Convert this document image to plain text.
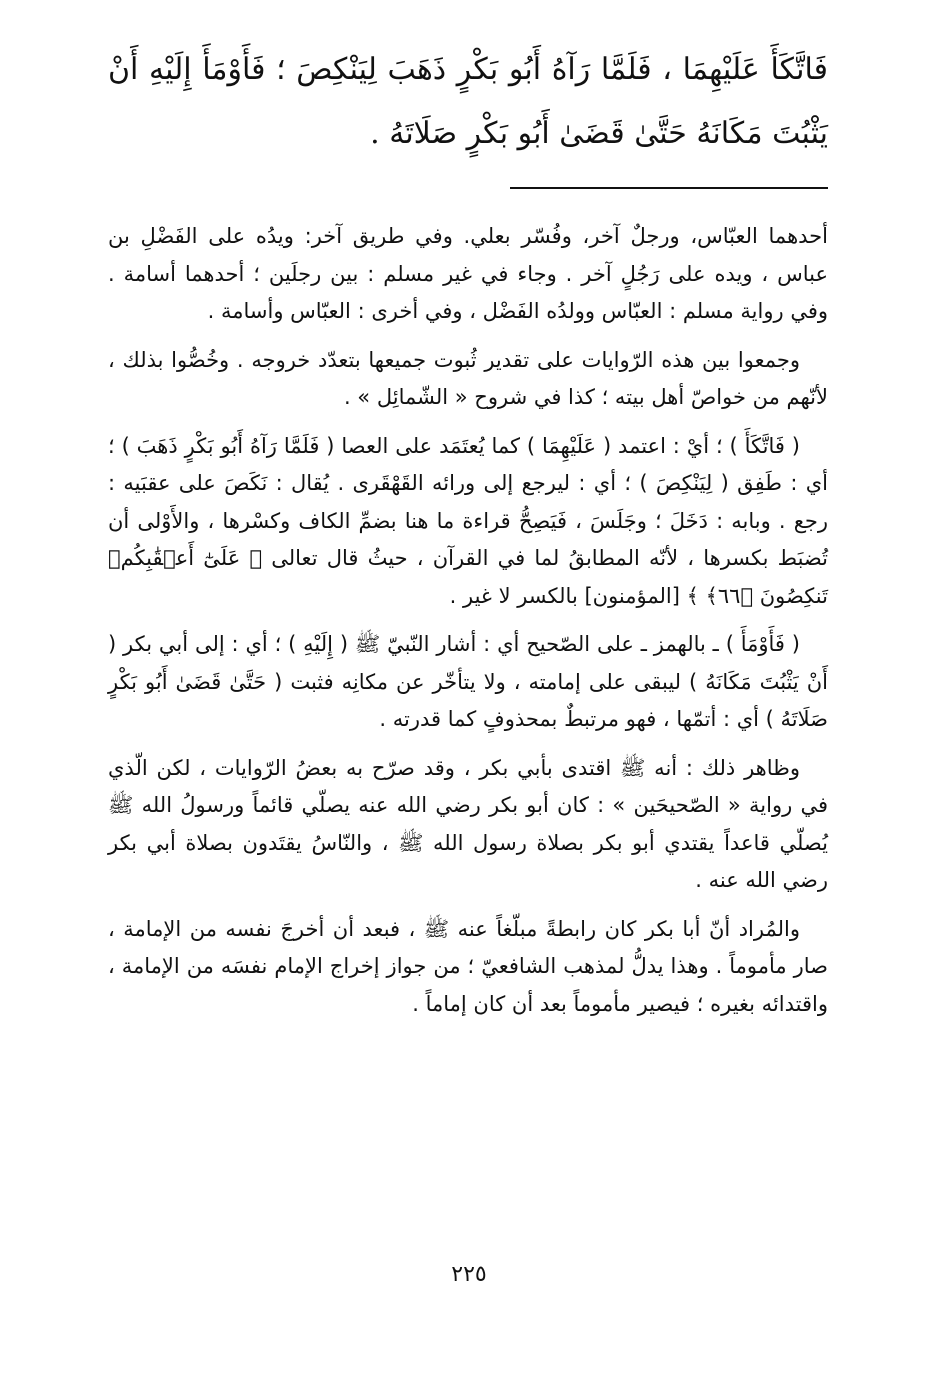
فَاتَّكَأَ عَلَيْهِمَا ، فَلَمَّا رَآهُ أَبُو بَكْرٍ ذَهَبَ لِيَنْكِصَ ؛ فَأَوْمَأَ إِلَيْهِ أَنْ يَثْبُتَ مَكَانَهُ حَتَّىٰ قَضَىٰ أَبُو بَكْرٍ صَلَاتَهُ .

أحدهما العبّاس، ورجلٌ آخر، وفُسّر بعلي. وفي طريق آخر: ويدُه على الفَضْلِ بن عباس ، ويده على رَجُلٍ آخر . وجاء في غير مسلم : بين رجلَين ؛ أحدهما أسامة . وفي رواية مسلم : العبّاس وولدُه الفَضْل ، وفي أخرى : العبّاس وأسامة .

وجمعوا بين هذه الرّوايات على تقدير ثُبوت جميعها بتعدّد خروجه . وخُصُّوا بذلك ، لأنّهم من خواصّ أهل بيته ؛ كذا في شروح « الشّمائِل » .

( فَاتَّكَأَ ) ؛ أيْ : اعتمد ( عَلَيْهِمَا ) كما يُعتَمَد على العصا ( فَلَمَّا رَآهُ أَبُو بَكْرٍ ذَهَبَ ) ؛ أي : طَفِق ( لِيَنْكِصَ ) ؛ أي : ليرجع إلى ورائه القَهْقَرى . يُقال : نَكَصَ على عقبَيه : رجع . وبابه : دَخَلَ ؛ وجَلَسَ ، فَيَصِحُّ قراءة ما هنا بضمِّ الكاف وكسْرها ، والأَوْلى أن تُضبَط بكسرها ، لأنّه المطابقُ لما في القرآن ، حيثُ قال تعالى ﴿ عَلَىٰٓ أَعۡقَٰبِكُمۡ تَنكِصُونَ ﴿٦٦﴾ ﴾ [المؤمنون] بالكسر لا غير .

( فَأَوْمَأَ ) ـ بالهمز ـ على الصّحيح أي : أشار النّبيّ ﷺ ( إِلَيْهِ ) ؛ أي : إلى أبي بكر ( أَنْ يَثْبُتَ مَكَانَهُ ) ليبقى على إمامته ، ولا يتأخّر عن مكانِه فثبت ( حَتَّىٰ قَضَىٰ أَبُو بَكْرٍ صَلَاتَهُ ) أي : أتمّها ، فهو مرتبطٌ بمحذوفٍ كما قدرته .

وظاهر ذلك : أنه ﷺ اقتدى بأبي بكر ، وقد صرّح به بعضُ الرّوايات ، لكن الّذي في رواية « الصّحيحَين » : كان أبو بكر رضي الله عنه يصلّي قائماً ورسولُ الله ﷺ يُصلّي قاعداً يقتدي أبو بكر بصلاة رسول الله ﷺ ، والنّاسُ يقتَدون بصلاة أبي بكر رضي الله عنه .

والمُراد أنّ أبا بكر كان رابطةً مبلّغاً عنه ﷺ ، فبعد أن أخرجَ نفسه من الإمامة ، صار مأموماً . وهذا يدلُّ لمذهب الشافعيّ ؛ من جواز إخراج الإمام نفسَه من الإمامة ، واقتدائه بغيره ؛ فيصير مأموماً بعد أن كان إماماً .

٢٢٥
